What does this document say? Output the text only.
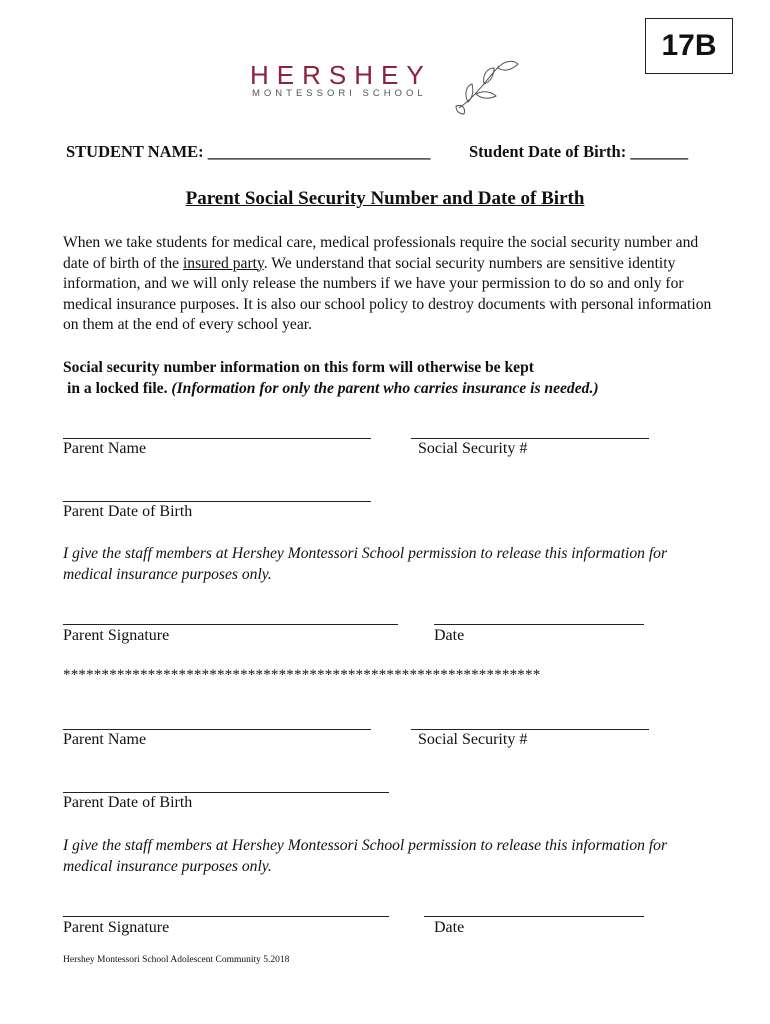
17B
HERSHEY
MONTESSORI SCHOOL
STUDENT NAME: ___________________________ Student Date of Birth: _______
Parent Social Security Number and Date of Birth
When we take students for medical care, medical professionals require the social security number and date of birth of the insured party. We understand that social security numbers are sensitive identity information, and we will only release the numbers if we have your permission to do so and only for medical insurance purposes. It is also our school policy to destroy documents with personal information on them at the end of every school year.
Social security number information on this form will otherwise be kept
in a locked file. (Information for only the parent who carries insurance is needed.)
Parent Name	Social Security #
Parent Date of Birth
I give the staff members at Hershey Montessori School permission to release this information for medical insurance purposes only.
Parent Signature	Date
**************************************************************
Parent Name	Social Security #
Parent Date of Birth
I give the staff members at Hershey Montessori School permission to release this information for medical insurance purposes only.
Parent Signature	Date
Hershey Montessori School Adolescent Community 5.2018
